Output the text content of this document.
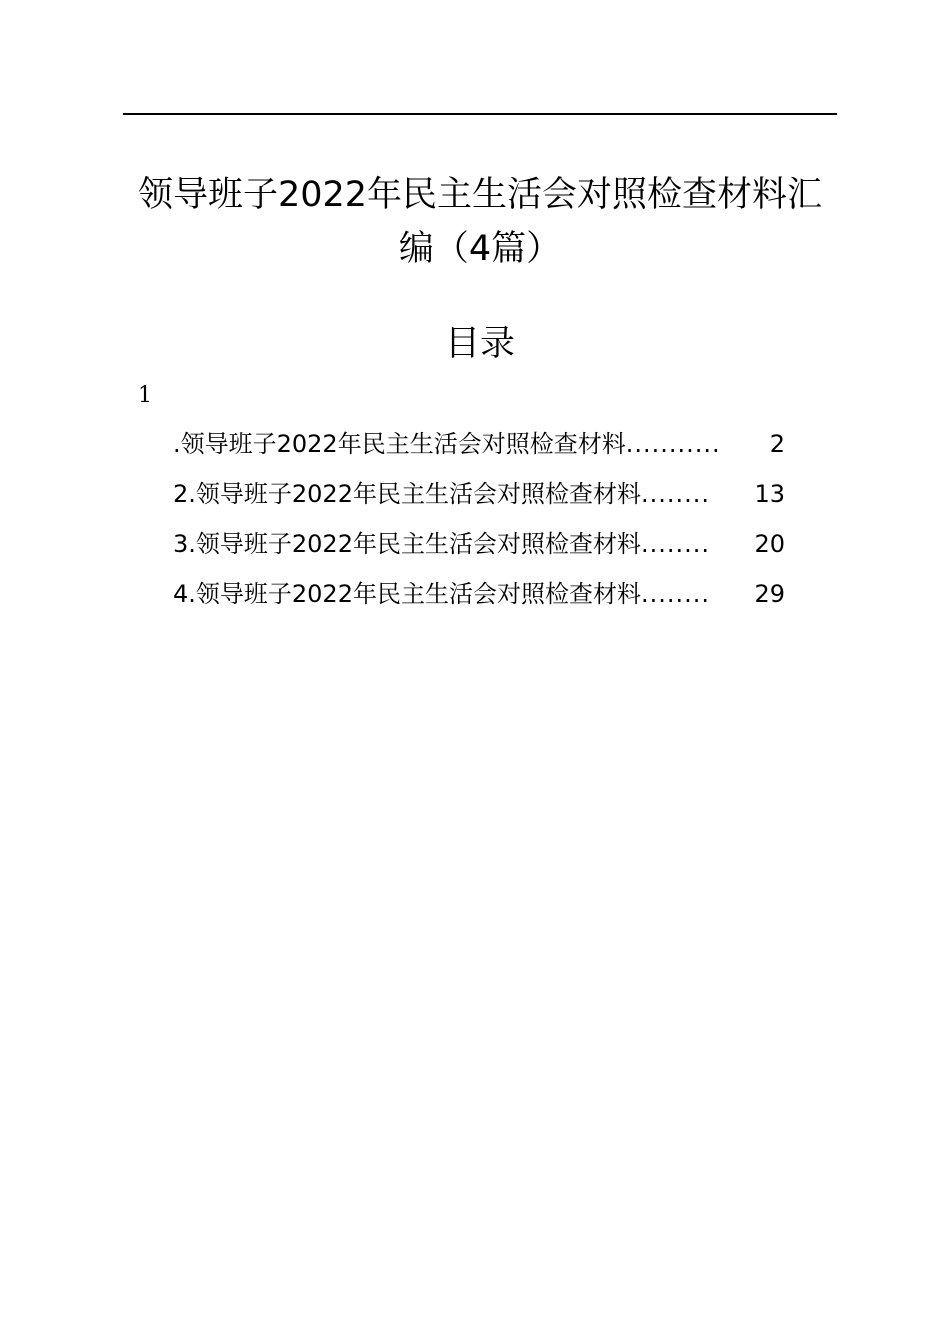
领导班子2022年民主生活会对照检查材料汇编（4篇）
目录
1
.领导班子2022年民主生活会对照检查材料 ...........	2
2.领导班子2022年民主生活会对照检查材料 ........	13
3.领导班子2022年民主生活会对照检查材料 ........	20
4.领导班子2022年民主生活会对照检查材料 ........	29
